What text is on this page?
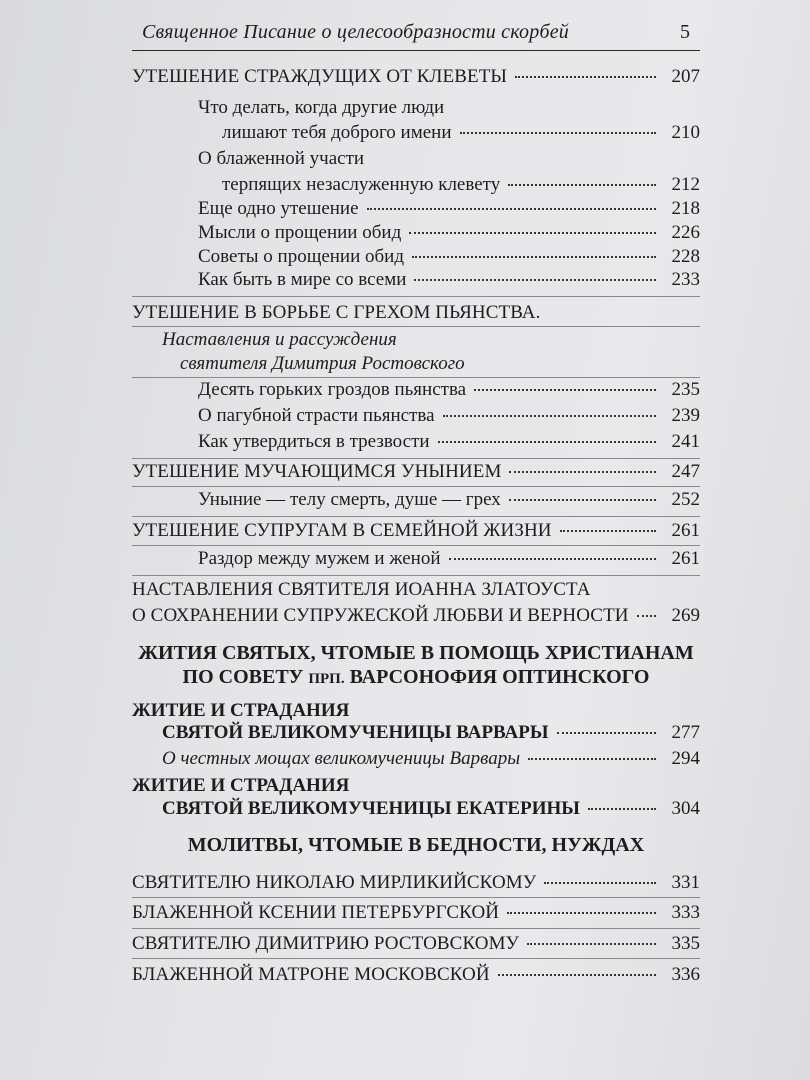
Священное Писание о целесообразности скорбей	5
УТЕШЕНИЕ СТРАЖДУЩИХ ОТ КЛЕВЕТЫ	207
Что делать, когда другие люди
лишают тебя доброго имени	210
О блаженной участи
терпящих незаслуженную клевету	212
Еще одно утешение	218
Мысли о прощении обид	226
Советы о прощении обид	228
Как быть в мире со всеми	233
УТЕШЕНИЕ В БОРЬБЕ С ГРЕХОМ ПЬЯНСТВА.
Наставления и рассуждения
святителя Димитрия Ростовского
Десять горьких гроздов пьянства	235
О пагубной страсти пьянства	239
Как утвердиться в трезвости	241
УТЕШЕНИЕ МУЧАЮЩИМСЯ УНЫНИЕМ	247
Уныние — телу смерть, душе — грех	252
УТЕШЕНИЕ СУПРУГАМ В СЕМЕЙНОЙ ЖИЗНИ	261
Раздор между мужем и женой	261
НАСТАВЛЕНИЯ СВЯТИТЕЛЯ ИОАННА ЗЛАТОУСТА
О СОХРАНЕНИИ СУПРУЖЕСКОЙ ЛЮБВИ И ВЕРНОСТИ	269
ЖИТИЯ СВЯТЫХ, ЧТОМЫЕ В ПОМОЩЬ ХРИСТИАНАМ
ПО СОВЕТУ ПРП. ВАРСОНОФИЯ ОПТИНСКОГО
ЖИТИЕ И СТРАДАНИЯ
СВЯТОЙ ВЕЛИКОМУЧЕНИЦЫ ВАРВАРЫ	277
О честных мощах великомученицы Варвары	294
ЖИТИЕ И СТРАДАНИЯ
СВЯТОЙ ВЕЛИКОМУЧЕНИЦЫ ЕКАТЕРИНЫ	304
МОЛИТВЫ, ЧТОМЫЕ В БЕДНОСТИ, НУЖДАХ
СВЯТИТЕЛЮ НИКОЛАЮ МИРЛИКИЙСКОМУ	331
БЛАЖЕННОЙ КСЕНИИ ПЕТЕРБУРГСКОЙ	333
СВЯТИТЕЛЮ ДИМИТРИЮ РОСТОВСКОМУ	335
БЛАЖЕННОЙ МАТРОНЕ МОСКОВСКОЙ	336
